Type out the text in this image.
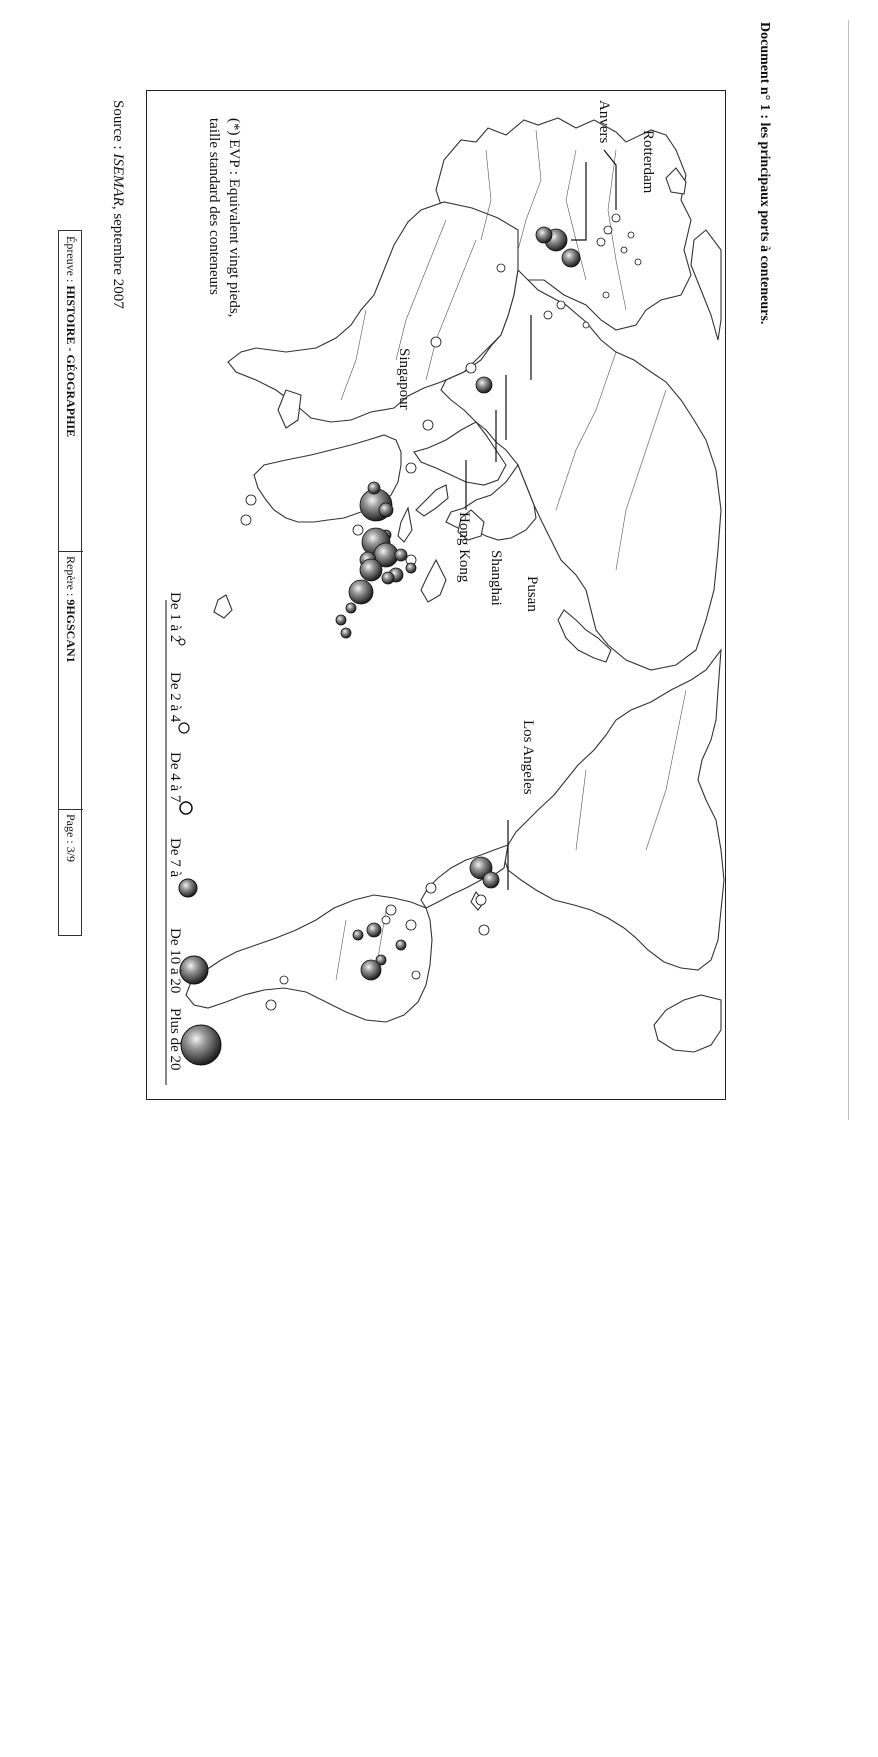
Document n° 1 : les principaux ports à conteneurs.
Rotterdam
Anvers
Singapour
Hong Kong Shanghai Pusan
Los Angeles
De 1 à 2
De 2 à 4
De 4 à 7
De 7 à
De 10 à 20
Plus de 20
(*) EVP : Equivalent vingt pieds,
taille standard des conteneurs
Source : ISEMAR, septembre 2007
Épreuve : HISTOIRE - GÉOGRAPHIE
Repère : 9HGSCAN1
Page : 3/9
